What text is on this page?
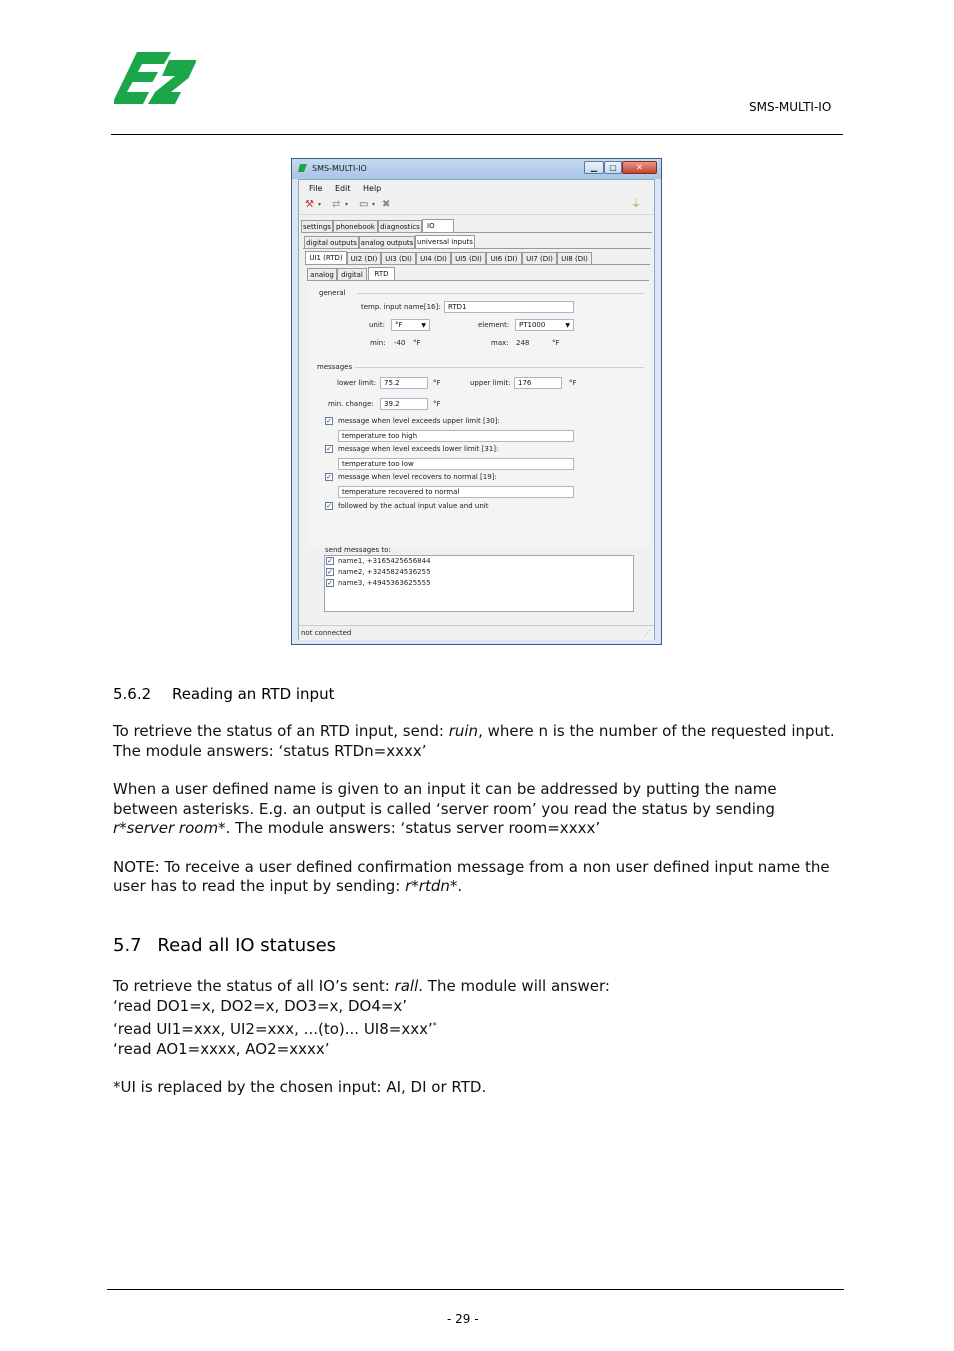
SMS-MULTI-IO
SMS-MULTI-IO	▁	▢	✕
File Edit Help
⚒ ▾ ⇄ ▾ ▭ ▾ ✖	⏚
settings phonebook diagnostics	IO
digital outputs analog outputs universal inputs
UI1 (RTD)	UI2 (DI)	UI3 (DI)	UI4 (DI)	UI5 (DI)	UI6 (DI)	UI7 (DI)	UI8 (DI)
analog	digital	RTD
general
temp. input name[16]:	RTD1
unit:	°F	▼	element:	PT1000	▼
min: -40 °F	max: 248	°F
messages
lower limit:	75.2	°F	upper limit:	176	°F
min. change:	39.2	°F
✓ message when level exceeds upper limit [30]:
temperature too high
✓ message when level exceeds lower limit [31]:
temperature too low
✓ message when level recovers to normal [19]:
temperature recovered to normal
✓ followed by the actual input value and unit
send messages to:
✓ name1, +3165425656844
✓ name2, +3245824536255
✓ name3, +4945363625555
not connected	⋰
5.6.2 Reading an RTD input

To retrieve the status of an RTD input, send: ruin, where n is the number of the requested input. The module answers: ‘status RTDn=xxxx’

When a user defined name is given to an input it can be addressed by putting the name between asterisks. E.g. an output is called ‘server room’ you read the status by sending r*server room*. The module answers: ‘status server room=xxxx’

NOTE: To receive a user defined confirmation message from a non user defined input name the user has to read the input by sending: r*rtdn*.

5.7 Read all IO statuses

To retrieve the status of all IO’s sent: rall. The module will answer:

‘read DO1=x, DO2=x, DO3=x, DO4=x’

‘read UI1=xxx, UI2=xxx, ...(to)... UI8=xxx’*

‘read AO1=xxxx, AO2=xxxx’

*UI is replaced by the chosen input: AI, DI or RTD.

- 29 -
